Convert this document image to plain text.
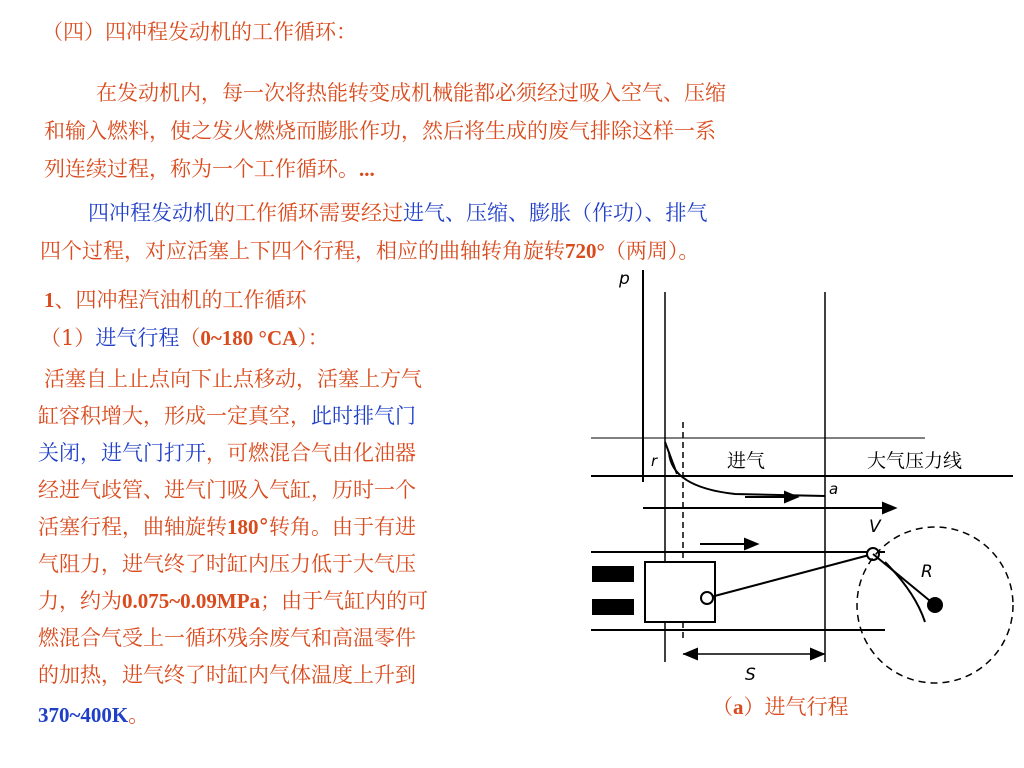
（四）四冲程发动机的工作循环：
在发动机内，每一次将热能转变成机械能都必须经过吸入空气、压缩
和输入燃料，使之发火燃烧而膨胀作功，然后将生成的废气排除这样一系
列连续过程，称为一个工作循环。...
四冲程发动机的工作循环需要经过进气、压缩、膨胀（作功）、排气
四个过程，对应活塞上下四个行程，相应的曲轴转角旋转720°（两周）。
1、四冲程汽油机的工作循环
（1）进气行程（0~180 °CA）：
活塞自上止点向下止点移动，活塞上方气
缸容积增大，形成一定真空，此时排气门
关闭，进气门打开，可燃混合气由化油器
经进气歧管、进气门吸入气缸，历时一个
活塞行程，曲轴旋转180°转角。由于有进
气阻力，进气终了时缸内压力低于大气压
力，约为0.075~0.09MPa；由于气缸内的可
燃混合气受上一循环残余废气和高温零件
的加热，进气终了时缸内气体温度上升到
370~400K。
p
r
a
进气	大气压力线
V
R
S
（a）进气行程
